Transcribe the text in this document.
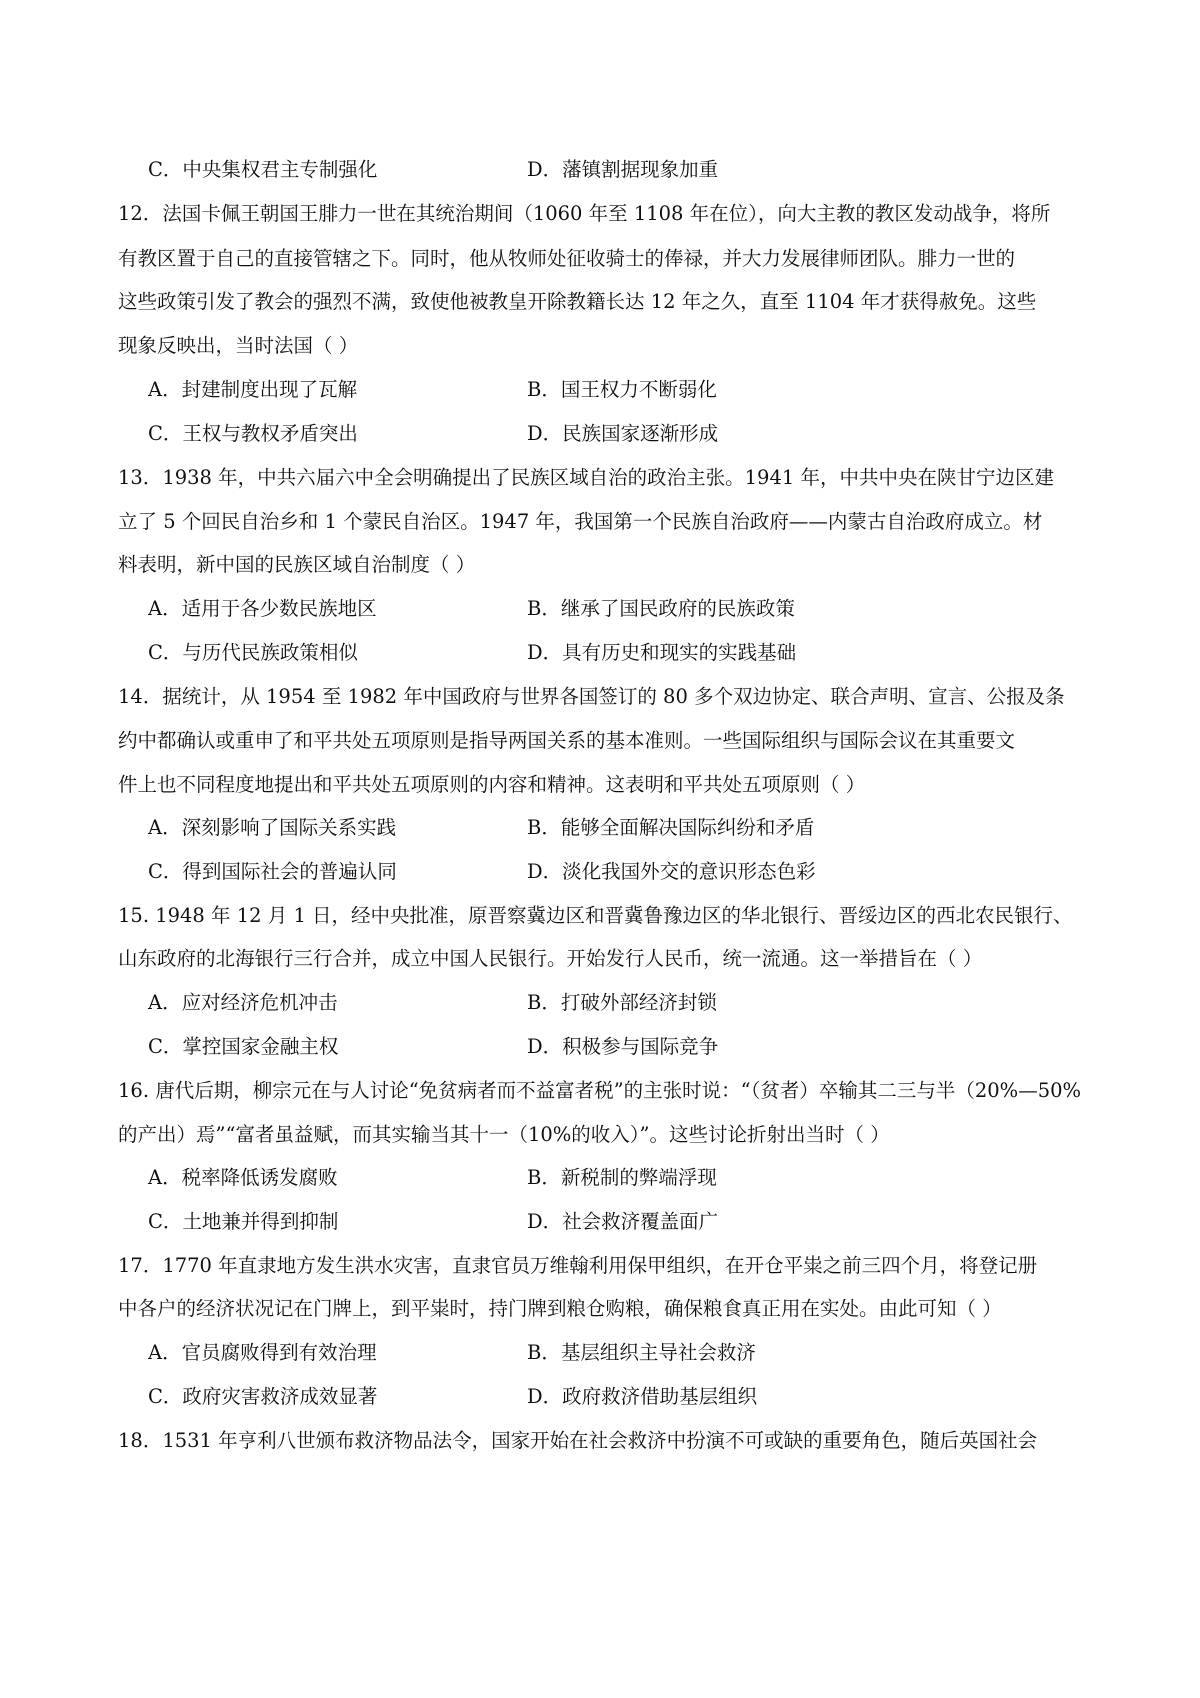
C．中央集权君主专制强化	D．藩镇割据现象加重
12．法国卡佩王朝国王腓力一世在其统治期间（1060 年至 1108 年在位），向大主教的教区发动战争，将所
有教区置于自己的直接管辖之下。同时，他从牧师处征收骑士的俸禄，并大力发展律师团队。腓力一世的
这些政策引发了教会的强烈不满，致使他被教皇开除教籍长达 12 年之久，直至 1104 年才获得赦免。这些
现象反映出，当时法国（ ）
A．封建制度出现了瓦解	B．国王权力不断弱化
C．王权与教权矛盾突出	D．民族国家逐渐形成
13．1938 年，中共六届六中全会明确提出了民族区域自治的政治主张。1941 年，中共中央在陕甘宁边区建
立了 5 个回民自治乡和 1 个蒙民自治区。1947 年，我国第一个民族自治政府——内蒙古自治政府成立。材
料表明，新中国的民族区域自治制度（ ）
A．适用于各少数民族地区	B．继承了国民政府的民族政策
C．与历代民族政策相似	D．具有历史和现实的实践基础
14．据统计，从 1954 至 1982 年中国政府与世界各国签订的 80 多个双边协定、联合声明、宣言、公报及条
约中都确认或重申了和平共处五项原则是指导两国关系的基本准则。一些国际组织与国际会议在其重要文
件上也不同程度地提出和平共处五项原则的内容和精神。这表明和平共处五项原则（ ）
A．深刻影响了国际关系实践	B．能够全面解决国际纠纷和矛盾
C．得到国际社会的普遍认同	D．淡化我国外交的意识形态色彩
15. 1948 年 12 月 1 日，经中央批准，原晋察冀边区和晋冀鲁豫边区的华北银行、晋绥边区的西北农民银行、
山东政府的北海银行三行合并，成立中国人民银行。开始发行人民币，统一流通。这一举措旨在（ ）
A．应对经济危机冲击	B．打破外部经济封锁
C．掌控国家金融主权	D．积极参与国际竞争
16. 唐代后期，柳宗元在与人讨论“免贫病者而不益富者税”的主张时说：“（贫者）卒输其二三与半（20%—50%
的产出）焉”“富者虽益赋，而其实输当其十一（10%的收入）”。这些讨论折射出当时（ ）
A．税率降低诱发腐败	B．新税制的弊端浮现
C．土地兼并得到抑制	D．社会救济覆盖面广
17．1770 年直隶地方发生洪水灾害，直隶官员万维翰利用保甲组织，在开仓平粜之前三四个月，将登记册
中各户的经济状况记在门牌上，到平粜时，持门牌到粮仓购粮，确保粮食真正用在实处。由此可知（ ）
A．官员腐败得到有效治理	B．基层组织主导社会救济
C．政府灾害救济成效显著	D．政府救济借助基层组织
18．1531 年亨利八世颁布救济物品法令，国家开始在社会救济中扮演不可或缺的重要角色，随后英国社会
